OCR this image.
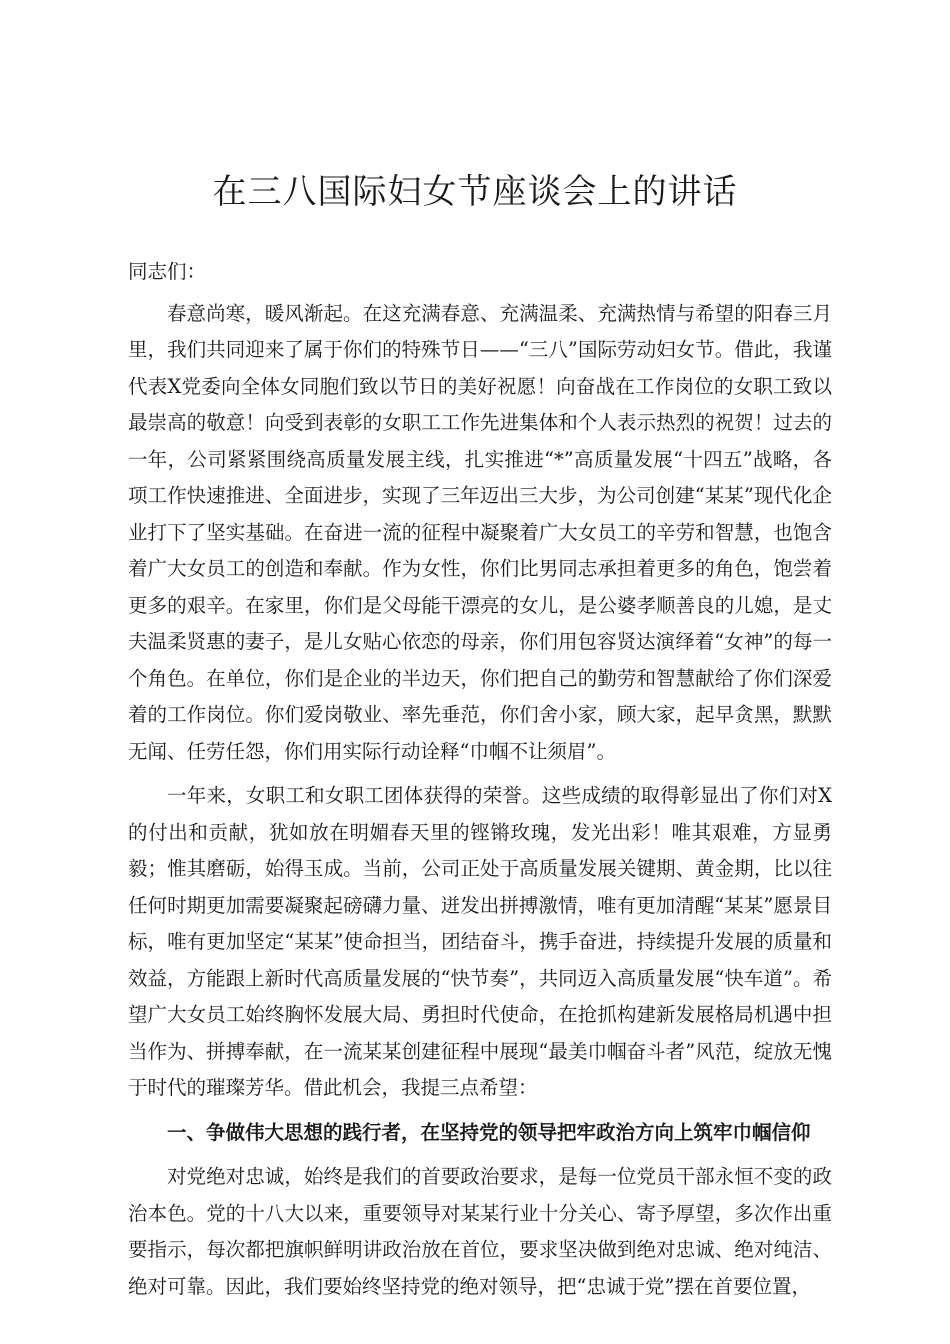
在三八国际妇女节座谈会上的讲话

同志们：

春意尚寒，暖风渐起。在这充满春意、充满温柔、充满热情与希望的阳春三月里，我们共同迎来了属于你们的特殊节日——“三八”国际劳动妇女节。借此，我谨代表X党委向全体女同胞们致以节日的美好祝愿！向奋战在工作岗位的女职工致以最崇高的敬意！向受到表彰的女职工工作先进集体和个人表示热烈的祝贺！过去的一年，公司紧紧围绕高质量发展主线，扎实推进“*”高质量发展“十四五”战略，各项工作快速推进、全面进步，实现了三年迈出三大步，为公司创建“某某”现代化企业打下了坚实基础。在奋进一流的征程中凝聚着广大女员工的辛劳和智慧，也饱含着广大女员工的创造和奉献。作为女性，你们比男同志承担着更多的角色，饱尝着更多的艰辛。在家里，你们是父母能干漂亮的女儿，是公婆孝顺善良的儿媳，是丈夫温柔贤惠的妻子，是儿女贴心依恋的母亲，你们用包容贤达演绎着“女神”的每一个角色。在单位，你们是企业的半边天，你们把自己的勤劳和智慧献给了你们深爱着的工作岗位。你们爱岗敬业、率先垂范，你们舍小家，顾大家，起早贪黑，默默无闻、任劳任怨，你们用实际行动诠释“巾帼不让须眉”。

一年来，女职工和女职工团体获得的荣誉。这些成绩的取得彰显出了你们对X的付出和贡献，犹如放在明媚春天里的铿锵玫瑰，发光出彩！唯其艰难，方显勇毅；惟其磨砺，始得玉成。当前，公司正处于高质量发展关键期、黄金期，比以往任何时期更加需要凝聚起磅礴力量、迸发出拼搏激情，唯有更加清醒“某某”愿景目标，唯有更加坚定“某某”使命担当，团结奋斗，携手奋进，持续提升发展的质量和效益，方能跟上新时代高质量发展的“快节奏”，共同迈入高质量发展“快车道”。希望广大女员工始终胸怀发展大局、勇担时代使命，在抢抓构建新发展格局机遇中担当作为、拼搏奉献，在一流某某创建征程中展现“最美巾帼奋斗者”风范，绽放无愧于时代的璀璨芳华。借此机会，我提三点希望：

一、争做伟大思想的践行者，在坚持党的领导把牢政治方向上筑牢巾帼信仰

对党绝对忠诚，始终是我们的首要政治要求，是每一位党员干部永恒不变的政治本色。党的十八大以来，重要领导对某某行业十分关心、寄予厚望，多次作出重要指示，每次都把旗帜鲜明讲政治放在首位，要求坚决做到绝对忠诚、绝对纯洁、绝对可靠。因此，我们要始终坚持党的绝对领导，把“忠诚于党”摆在首要位置，
